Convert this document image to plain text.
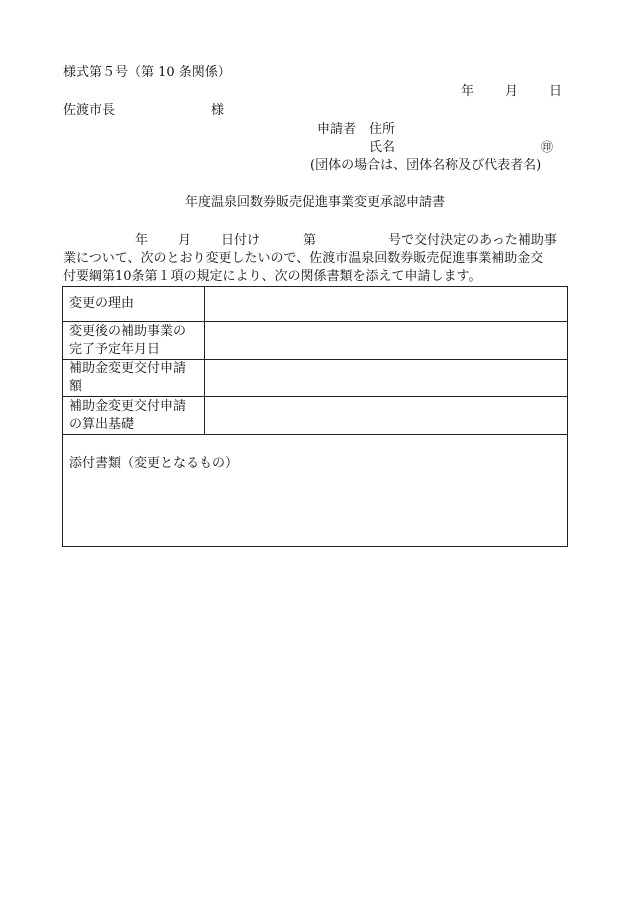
様式第５号（第 10 条関係）
年 月 日
佐渡市長	様
申請者 住所
氏名	㊞
(団体の場合は、団体名称及び代表者名)
年度温泉回数券販売促進事業変更承認申請書
年 月 日付け	第	号で交付決定のあった補助事
業について、次のとおり変更したいので、佐渡市温泉回数券販売促進事業補助金交
付要綱第10条第１項の規定により、次の関係書類を添えて申請します。
変更の理由	
変更後の補助事業の完了予定年月日	
補助金変更交付申請額	
補助金変更交付申請の算出基礎	
添付書類（変更となるもの）	
